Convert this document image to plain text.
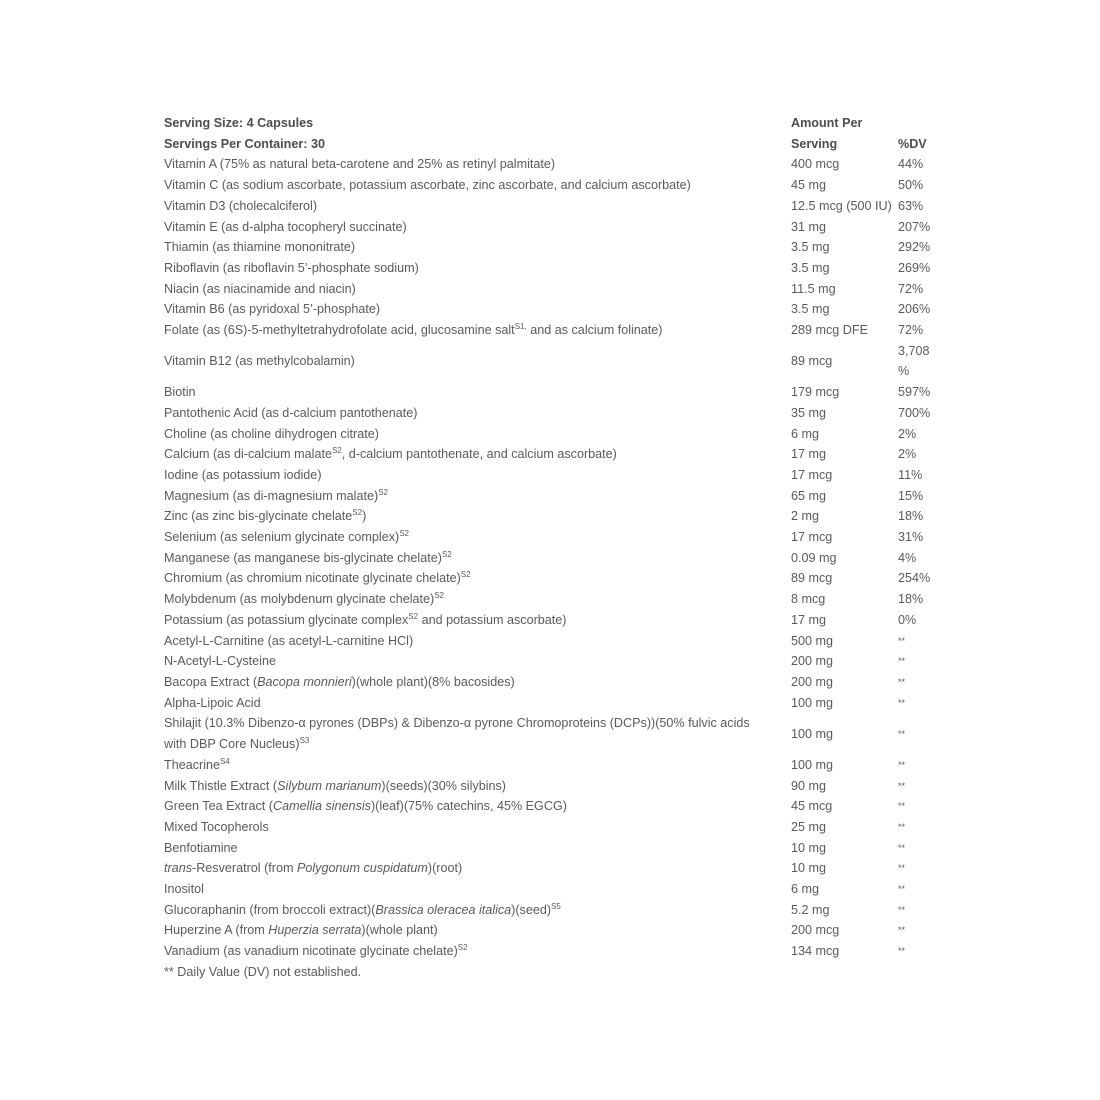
Serving Size: 4 Capsules	Amount Per	%DV
Servings Per Container: 30	Serving	
Vitamin A (75% as natural beta-carotene and 25% as retinyl palmitate)	400 mcg	44%
Vitamin C (as sodium ascorbate, potassium ascorbate, zinc ascorbate, and calcium ascorbate)	45 mg	50%
Vitamin D3 (cholecalciferol)	12.5 mcg (500 IU)	63%
Vitamin E (as d-alpha tocopheryl succinate)	31 mg	207%
Thiamin (as thiamine mononitrate)	3.5 mg	292%
Riboflavin (as riboflavin 5’-phosphate sodium)	3.5 mg	269%
Niacin (as niacinamide and niacin)	11.5 mg	72%
Vitamin B6 (as pyridoxal 5’-phosphate)	3.5 mg	206%
Folate (as (6S)-5-methyltetrahydrofolate acid, glucosamine salt$^{S1,}$ and as calcium folinate)	289 mcg DFE	72%
Vitamin B12 (as methylcobalamin)	89 mcg	3,708
%
Biotin	179 mcg	597%
Pantothenic Acid (as d-calcium pantothenate)	35 mg	700%
Choline (as choline dihydrogen citrate)	6 mg	2%
Calcium (as di-calcium malate$^{S2}$, d-calcium pantothenate, and calcium ascorbate)	17 mg	2%
Iodine (as potassium iodide)	17 mcg	11%
Magnesium (as di-magnesium malate)$^{S2}$	65 mg	15%
Zinc (as zinc bis-glycinate chelate$^{S2}$)	2 mg	18%
Selenium (as selenium glycinate complex)$^{S2}$	17 mcg	31%
Manganese (as manganese bis-glycinate chelate)$^{S2}$	0.09 mg	4%
Chromium (as chromium nicotinate glycinate chelate)$^{S2}$	89 mcg	254%
Molybdenum (as molybdenum glycinate chelate)$^{S2}$	8 mcg	18%
Potassium (as potassium glycinate complex$^{S2}$ and potassium ascorbate)	17 mg	0%
Acetyl-L-Carnitine (as acetyl-L-carnitine HCl)	500 mg	**
N-Acetyl-L-Cysteine	200 mg	**
Bacopa Extract (Bacopa monnieri)(whole plant)(8% bacosides)	200 mg	**
Alpha-Lipoic Acid	100 mg	**
Shilajit (10.3% Dibenzo-α pyrones (DBPs) & Dibenzo-α pyrone Chromoproteins (DCPs))(50% fulvic acids
with DBP Core Nucleus)$^{S3}$	100 mg	**
Theacrine$^{S4}$	100 mg	**
Milk Thistle Extract (Silybum marianum)(seeds)(30% silybins)	90 mg	**
Green Tea Extract (Camellia sinensis)(leaf)(75% catechins, 45% EGCG)	45 mcg	**
Mixed Tocopherols	25 mg	**
Benfotiamine	10 mg	**
trans-Resveratrol (from Polygonum cuspidatum)(root)	10 mg	**
Inositol	6 mg	**
Glucoraphanin (from broccoli extract)(Brassica oleracea italica)(seed)$^{S5}$	5.2 mg	**
Huperzine A (from Huperzia serrata)(whole plant)	200 mcg	**
Vanadium (as vanadium nicotinate glycinate chelate)$^{S2}$	134 mcg	**
** Daily Value (DV) not established.
